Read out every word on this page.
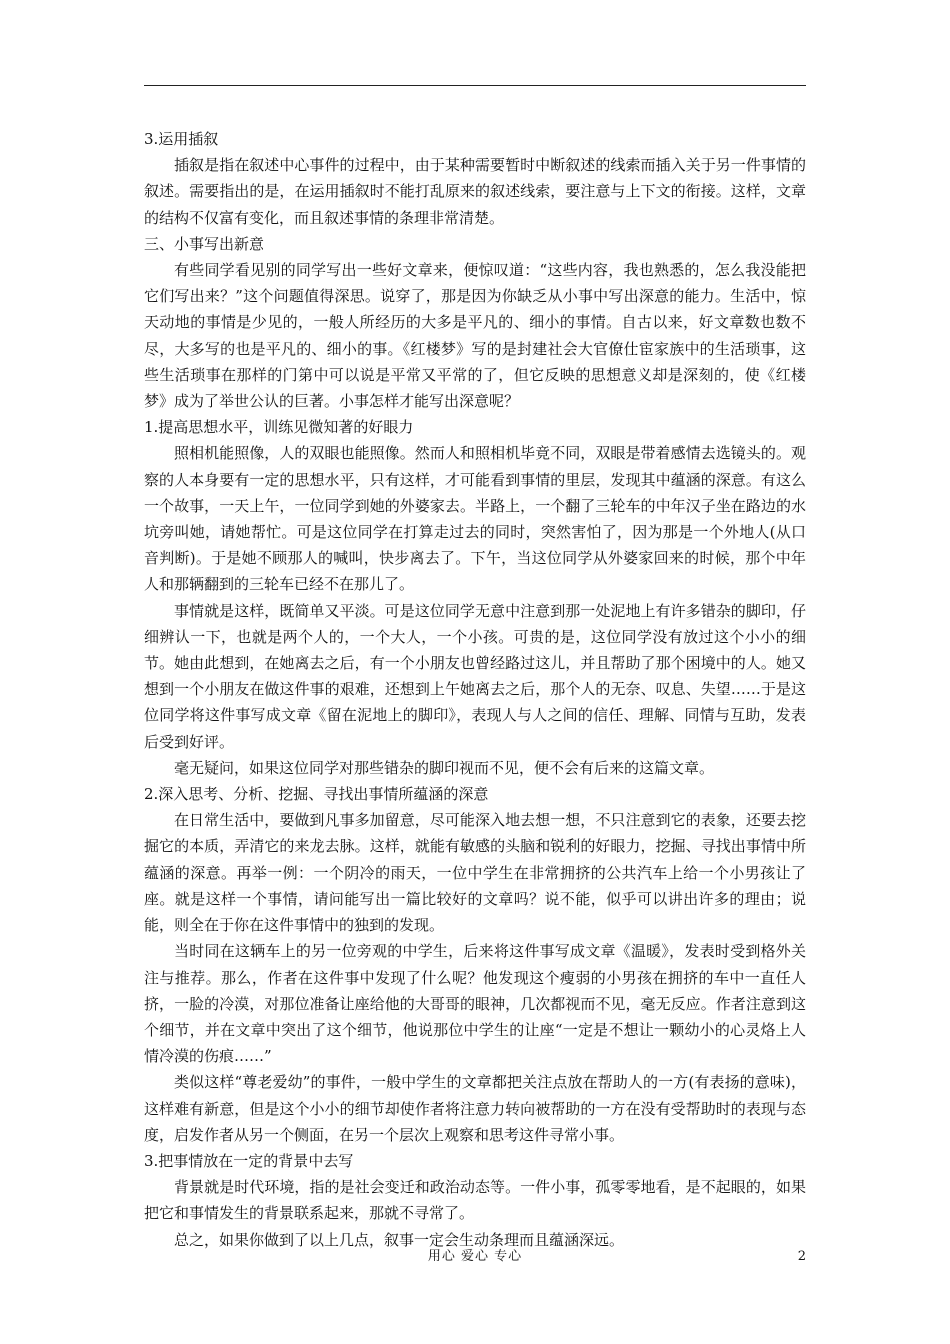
3.运用插叙

插叙是指在叙述中心事件的过程中，由于某种需要暂时中断叙述的线索而插入关于另一件事情的叙述。需要指出的是，在运用插叙时不能打乱原来的叙述线索，要注意与上下文的衔接。这样，文章的结构不仅富有变化，而且叙述事情的条理非常清楚。

三、小事写出新意

有些同学看见别的同学写出一些好文章来，便惊叹道：“这些内容，我也熟悉的，怎么我没能把它们写出来？”这个问题值得深思。说穿了，那是因为你缺乏从小事中写出深意的能力。生活中，惊天动地的事情是少见的，一般人所经历的大多是平凡的、细小的事情。自古以来，好文章数也数不尽，大多写的也是平凡的、细小的事。《红楼梦》写的是封建社会大官僚仕宦家族中的生活琐事，这些生活琐事在那样的门第中可以说是平常又平常的了，但它反映的思想意义却是深刻的，使《红楼梦》成为了举世公认的巨著。小事怎样才能写出深意呢？

1.提高思想水平，训练见微知著的好眼力

照相机能照像，人的双眼也能照像。然而人和照相机毕竟不同，双眼是带着感情去选镜头的。观察的人本身要有一定的思想水平，只有这样，才可能看到事情的里层，发现其中蕴涵的深意。有这么一个故事，一天上午，一位同学到她的外婆家去。半路上，一个翻了三轮车的中年汉子坐在路边的水坑旁叫她，请她帮忙。可是这位同学在打算走过去的同时，突然害怕了，因为那是一个外地人(从口音判断)。于是她不顾那人的喊叫，快步离去了。下午，当这位同学从外婆家回来的时候，那个中年人和那辆翻到的三轮车已经不在那儿了。

事情就是这样，既简单又平淡。可是这位同学无意中注意到那一处泥地上有许多错杂的脚印，仔细辨认一下，也就是两个人的，一个大人，一个小孩。可贵的是，这位同学没有放过这个小小的细节。她由此想到，在她离去之后，有一个小朋友也曾经路过这儿，并且帮助了那个困境中的人。她又想到一个小朋友在做这件事的艰难，还想到上午她离去之后，那个人的无奈、叹息、失望……于是这位同学将这件事写成文章《留在泥地上的脚印》，表现人与人之间的信任、理解、同情与互助，发表后受到好评。

毫无疑问，如果这位同学对那些错杂的脚印视而不见，便不会有后来的这篇文章。

2.深入思考、分析、挖掘、寻找出事情所蕴涵的深意

在日常生活中，要做到凡事多加留意，尽可能深入地去想一想，不只注意到它的表象，还要去挖掘它的本质，弄清它的来龙去脉。这样，就能有敏感的头脑和锐利的好眼力，挖掘、寻找出事情中所蕴涵的深意。再举一例：一个阴冷的雨天，一位中学生在非常拥挤的公共汽车上给一个小男孩让了座。就是这样一个事情，请问能写出一篇比较好的文章吗？说不能，似乎可以讲出许多的理由；说能，则全在于你在这件事情中的独到的发现。

当时同在这辆车上的另一位旁观的中学生，后来将这件事写成文章《温暖》，发表时受到格外关注与推荐。那么，作者在这件事中发现了什么呢？他发现这个瘦弱的小男孩在拥挤的车中一直任人挤，一脸的冷漠，对那位准备让座给他的大哥哥的眼神，几次都视而不见，毫无反应。作者注意到这个细节，并在文章中突出了这个细节，他说那位中学生的让座“一定是不想让一颗幼小的心灵烙上人情冷漠的伤痕……”

类似这样“尊老爱幼”的事件，一般中学生的文章都把关注点放在帮助人的一方(有表扬的意味)，这样难有新意，但是这个小小的细节却使作者将注意力转向被帮助的一方在没有受帮助时的表现与态度，启发作者从另一个侧面，在另一个层次上观察和思考这件寻常小事。

3.把事情放在一定的背景中去写

背景就是时代环境，指的是社会变迁和政治动态等。一件小事，孤零零地看，是不起眼的，如果把它和事情发生的背景联系起来，那就不寻常了。

总之，如果你做到了以上几点，叙事一定会生动条理而且蕴涵深远。

用心 爱心 专心	2
